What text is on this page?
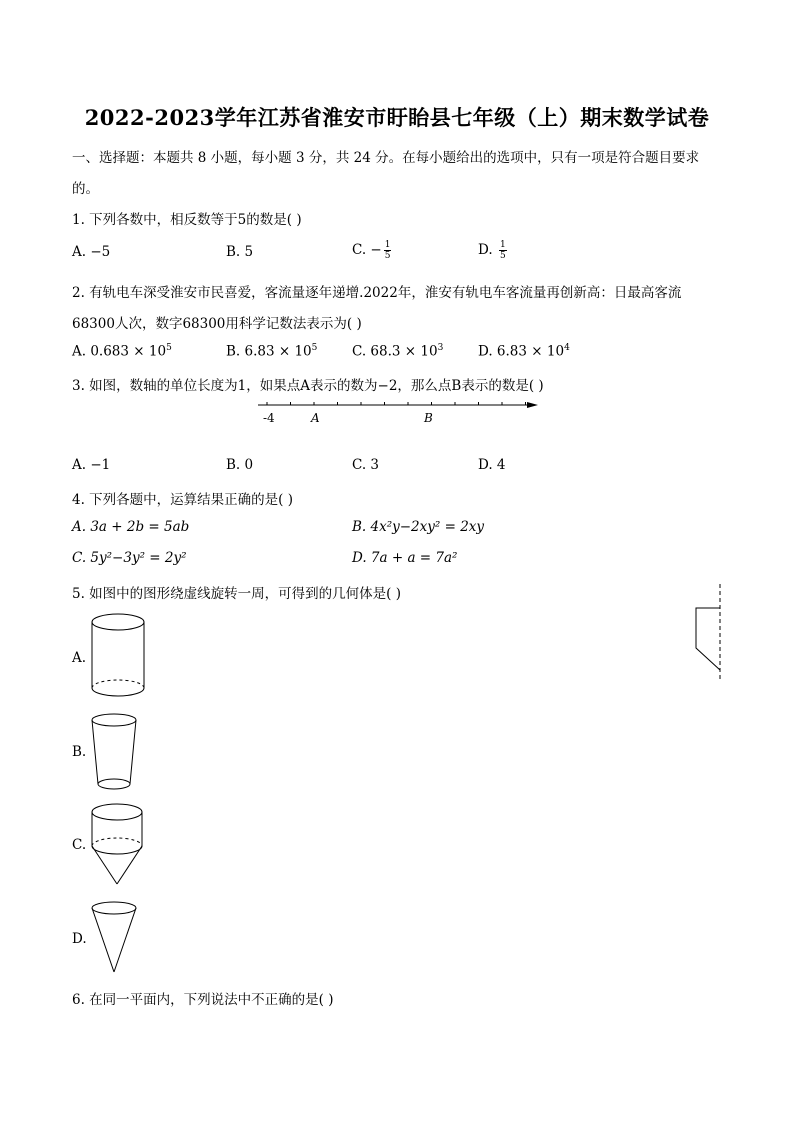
2022-2023学年江苏省淮安市盱眙县七年级（上）期末数学试卷
一、选择题：本题共 8 小题，每小题 3 分，共 24 分。在每小题给出的选项中，只有一项是符合题目要求
的。
1. 下列各数中，相反数等于5的数是( )
A. −5	B. 5	C. − $\frac{1}{5}$	D. $\frac{1}{5}$
2. 有轨电车深受淮安市民喜爱，客流量逐年递增.2022年，淮安有轨电车客流量再创新高：日最高客流
68300人次，数字68300用科学记数法表示为( )
A. $0.683 \times 10^5$	B. $6.83 \times 10^5$	C. $68.3 \times 10^3$	D. $6.83 \times 10^4$
3. 如图，数轴的单位长度为1，如果点A表示的数为−2，那么点B表示的数是( )
-4	A	B
A. −1	B. 0	C. 3	D. 4
4. 下列各题中，运算结果正确的是( )
A. 3a + 2b = 5ab	B. 4x²y−2xy² = 2xy
C. 5y²−3y² = 2y²	D. 7a + a = 7a²
5. 如图中的图形绕虚线旋转一周，可得到的几何体是( )
A.
B.
C.
D.
6. 在同一平面内，下列说法中不正确的是( )
